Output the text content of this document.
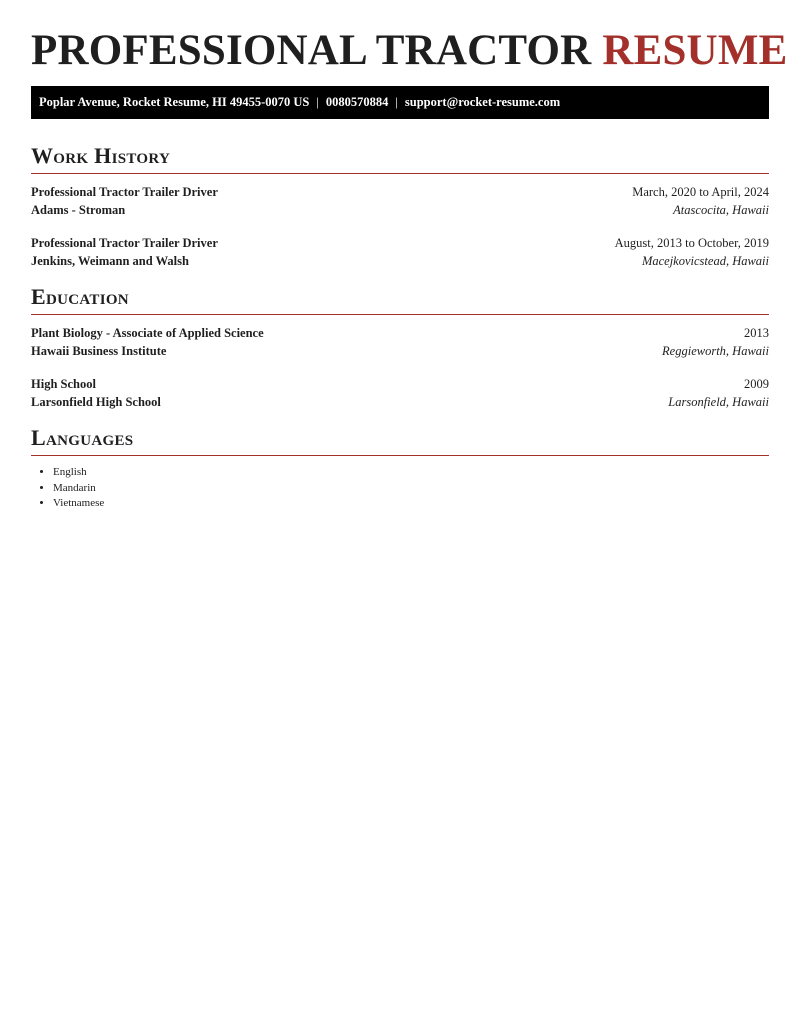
PROFESSIONAL TRACTOR RESUME
Poplar Avenue, Rocket Resume, HI 49455-0070 US | 0080570884 | support@rocket-resume.com
Work History
Professional Tractor Trailer Driver	March, 2020 to April, 2024
Adams - Stroman	Atascocita, Hawaii
Professional Tractor Trailer Driver	August, 2013 to October, 2019
Jenkins, Weimann and Walsh	Macejkovicstead, Hawaii
Education
Plant Biology - Associate of Applied Science	2013
Hawaii Business Institute	Reggieworth, Hawaii
High School	2009
Larsonfield High School	Larsonfield, Hawaii
Languages
• English
• Mandarin
• Vietnamese
